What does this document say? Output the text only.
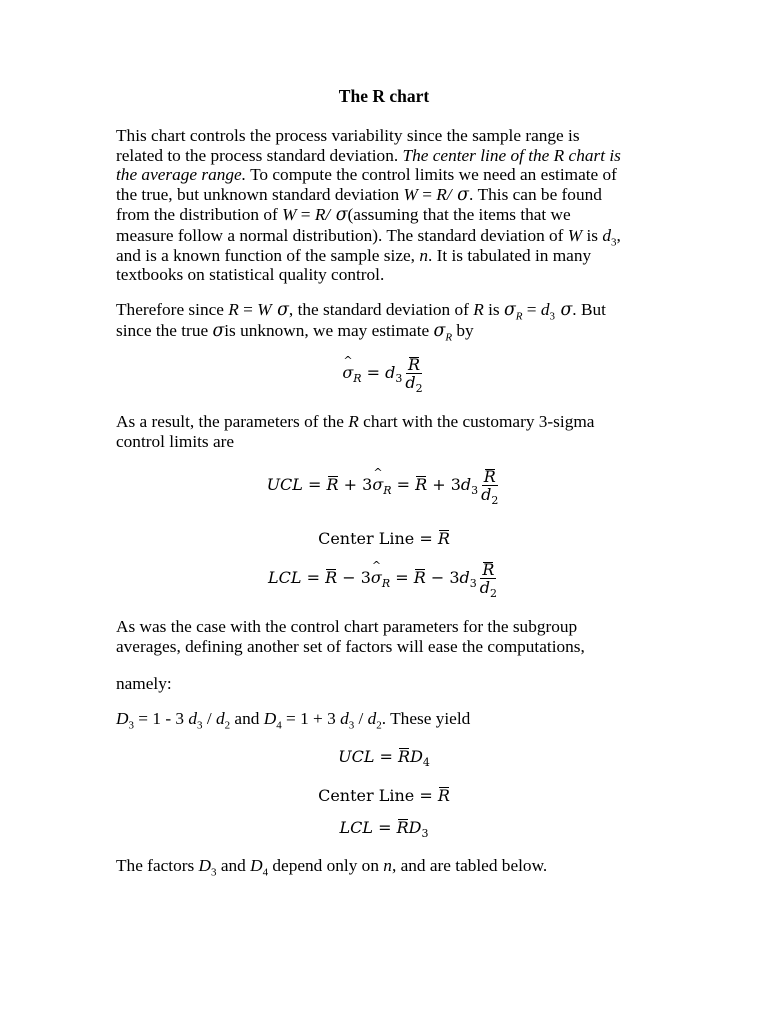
The R chart

This chart controls the process variability since the sample range is
related to the process standard deviation. The center line of the R chart is
the average range. To compute the control limits we need an estimate of
the true, but unknown standard deviation W = R/ σ. This can be found
from the distribution of W = R/ σ(assuming that the items that we
measure follow a normal distribution). The standard deviation of W is $d_3$,
and is a known function of the sample size, n. It is tabulated in many
textbooks on statistical quality control.

Therefore since R = W σ, the standard deviation of R is $\sigma_R = d_3$ σ. But
since the true σis unknown, we may estimate $\sigma_R$ by

^ $\sigma_R = d_3 \frac{R}{d_2}$

As a result, the parameters of the R chart with the customary 3-sigma
control limits are

UCL = R + 3^ $\sigma_R = R + 3d_3 \frac{R}{d_2}$
Center Line = R
LCL = R − 3^ $\sigma_R = R - 3d_3 \frac{R}{d_2}$

As was the case with the control chart parameters for the subgroup
averages, defining another set of factors will ease the computations,

namely:

$D_3 = 1 - 3$ $d_3 / d_2$ and $D_4 = 1 + 3$ $d_3 / d_2$. These yield

UCL = $RD_4$
Center Line = R
LCL = $RD_3$

The factors $D_3$ and $D_4$ depend only on n, and are tabled below.
